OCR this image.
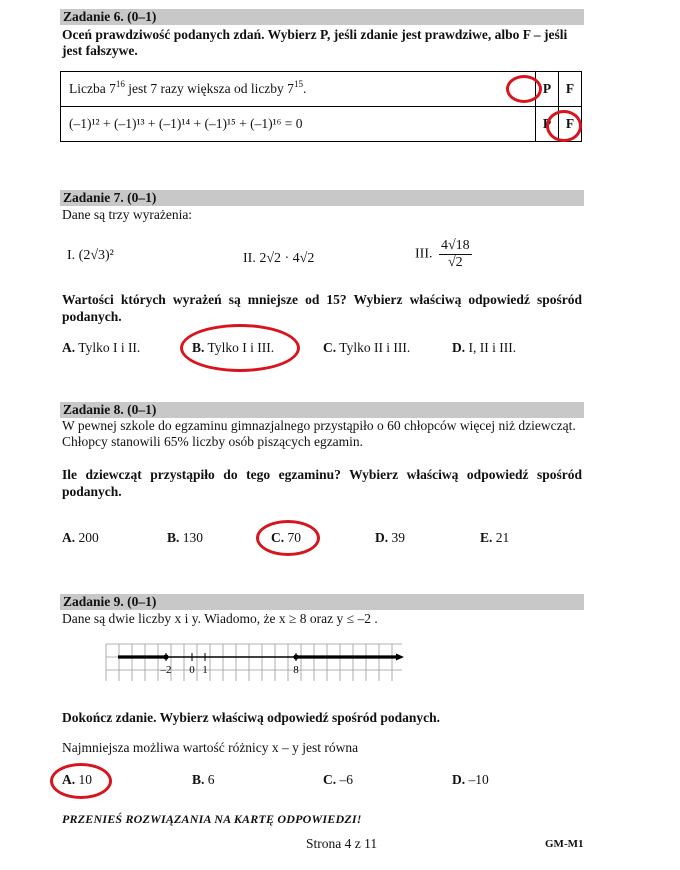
Zadanie 6. (0–1)
Oceń prawdziwość podanych zdań. Wybierz P, jeśli zdanie jest prawdziwe, albo F – jeśli jest fałszywe.
Liczba $7^{16}$ jest 7 razy większa od liczby $7^{15}$.	P	F
(–1)¹² + (–1)¹³ + (–1)¹⁴ + (–1)¹⁵ + (–1)¹⁶ = 0	P	F
Zadanie 7. (0–1)
Dane są trzy wyrażenia:
I. (2√3)²	II. 2√2 · 4√2	III. $\frac{4√18}{√2}$
Wartości których wyrażeń są mniejsze od 15? Wybierz właściwą odpowiedź spośród podanych.
A. Tylko I i II.	B. Tylko I i III.	C. Tylko II i III.	D. I, II i III.
Zadanie 8. (0–1)
W pewnej szkole do egzaminu gimnazjalnego przystąpiło o 60 chłopców więcej niż dziewcząt. Chłopcy stanowili 65% liczby osób piszących egzamin.
Ile dziewcząt przystąpiło do tego egzaminu? Wybierz właściwą odpowiedź spośród podanych.
A. 200	B. 130	C. 70	D. 39	E. 21
Zadanie 9. (0–1)
Dane są dwie liczby x i y. Wiadomo, że x ≥ 8 oraz y ≤ –2 .
–2 0 1	8
Dokończ zdanie. Wybierz właściwą odpowiedź spośród podanych.
Najmniejsza możliwa wartość różnicy x – y jest równa
A. 10	B. 6	C. –6	D. –10
PRZENIEŚ ROZWIĄZANIA NA KARTĘ ODPOWIEDZI!
Strona 4 z 11	GM-M1
